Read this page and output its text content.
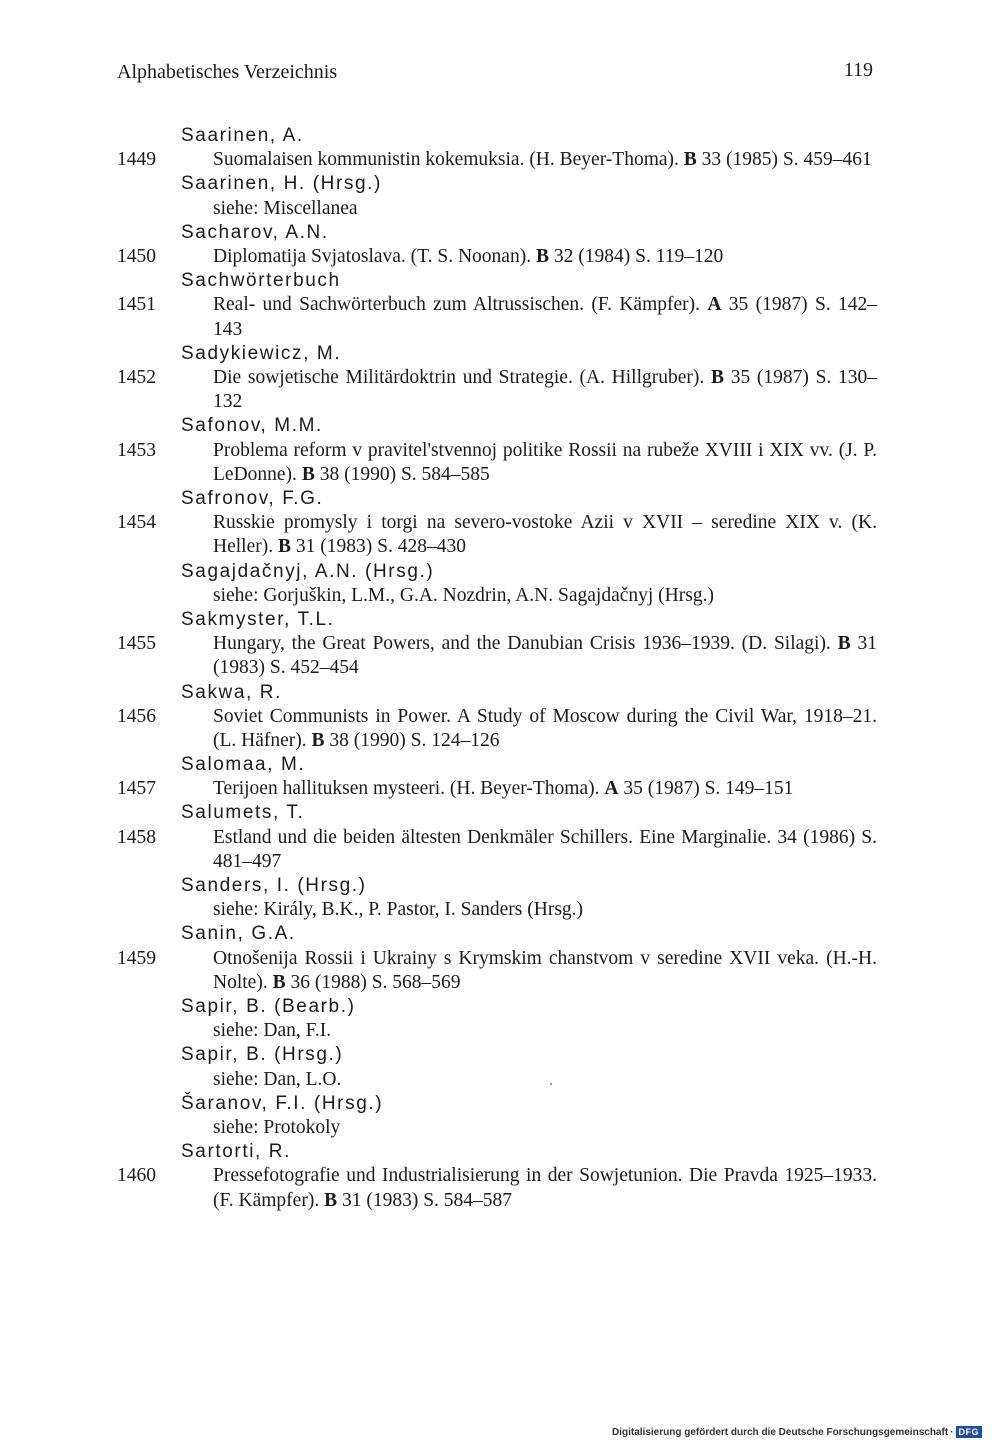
Alphabetisches Verzeichnis	119
Saarinen, A.
1449	Suomalaisen kommunistin kokemuksia. (H. Beyer-Thoma). B 33 (1985) S. 459–461
Saarinen, H. (Hrsg.)
siehe: Miscellanea
Sacharov, A.N.
1450	Diplomatija Svjatoslava. (T. S. Noonan). B 32 (1984) S. 119–120
Sachwörterbuch
1451	Real- und Sachwörterbuch zum Altrussischen. (F. Kämpfer). A 35 (1987) S. 142–143
Sadykiewicz, M.
1452	Die sowjetische Militärdoktrin und Strategie. (A. Hillgruber). B 35 (1987) S. 130–132
Safonov, M.M.
1453	Problema reform v pravitel'stvennoj politike Rossii na rubeže XVIII i XIX vv. (J. P. LeDonne). B 38 (1990) S. 584–585
Safronov, F.G.
1454	Russkie promysly i torgi na severo-vostoke Azii v XVII – seredine XIX v. (K. Heller). B 31 (1983) S. 428–430
Sagajdačnyj, A.N. (Hrsg.)
siehe: Gorjuškin, L.M., G.A. Nozdrin, A.N. Sagajdačnyj (Hrsg.)
Sakmyster, T.L.
1455	Hungary, the Great Powers, and the Danubian Crisis 1936–1939. (D. Silagi). B 31 (1983) S. 452–454
Sakwa, R.
1456	Soviet Communists in Power. A Study of Moscow during the Civil War, 1918–21. (L. Häfner). B 38 (1990) S. 124–126
Salomaa, M.
1457	Terijoen hallituksen mysteeri. (H. Beyer-Thoma). A 35 (1987) S. 149–151
Salumets, T.
1458	Estland und die beiden ältesten Denkmäler Schillers. Eine Marginalie. 34 (1986) S. 481–497
Sanders, I. (Hrsg.)
siehe: Király, B.K., P. Pastor, I. Sanders (Hrsg.)
Sanin, G.A.
1459	Otnošenija Rossii i Ukrainy s Krymskim chanstvom v seredine XVII veka. (H.-H. Nolte). B 36 (1988) S. 568–569
Sapir, B. (Bearb.)
siehe: Dan, F.I.
Sapir, B. (Hrsg.)
siehe: Dan, L.O.
Šaranov, F.I. (Hrsg.)
siehe: Protokoly
Sartorti, R.
1460	Pressefotografie und Industrialisierung in der Sowjetunion. Die Pravda 1925–1933. (F. Kämpfer). B 31 (1983) S. 584–587
Digitalisierung gefördert durch die Deutsche Forschungsgemeinschaft · DFG
